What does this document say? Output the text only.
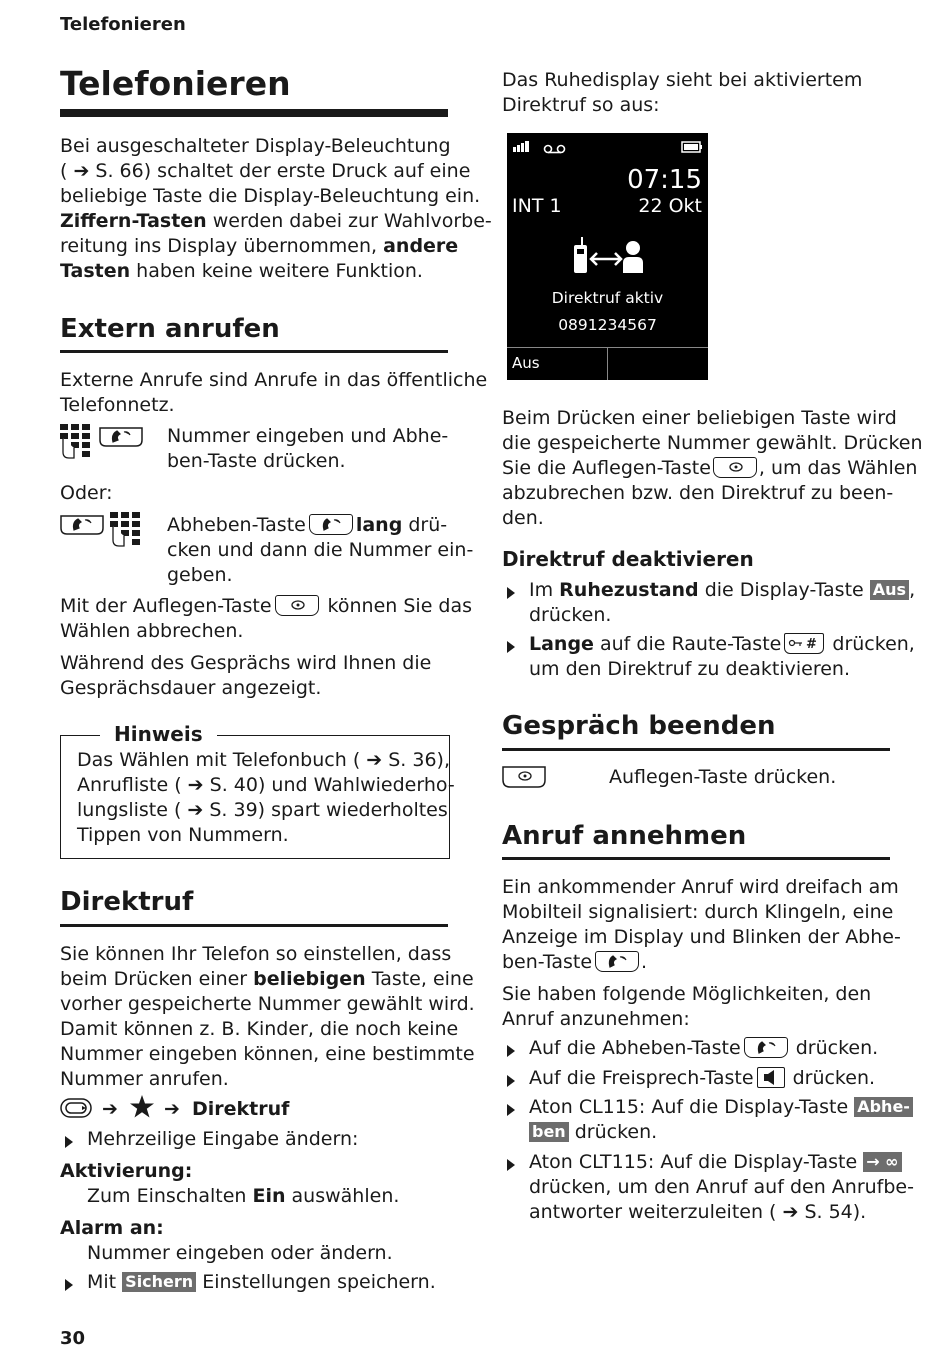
Telefonieren
Telefonieren
Bei ausgeschalteter Display-Beleuchtung
( ➔ S. 66) schaltet der erste Druck auf eine
beliebige Taste die Display-Beleuchtung ein.
Ziffern-Tasten werden dabei zur Wahlvorbe-
reitung ins Display übernommen, andere
Tasten haben keine weitere Funktion.
Extern anrufen
Externe Anrufe sind Anrufe in das öffentliche
Telefonnetz.
Nummer eingeben und Abhe-
ben-Taste drücken.
Oder:
Abheben-Taste	lang drü-
cken und dann die Nummer ein-
geben.
Mit der Auflegen-Taste	können Sie das
Wählen abbrechen.
Während des Gesprächs wird Ihnen die
Gesprächsdauer angezeigt.
Hinweis
Das Wählen mit Telefonbuch ( ➔ S. 36),
Anrufliste ( ➔ S. 40) und Wahlwiederho-
lungsliste ( ➔ S. 39) spart wiederholtes
Tippen von Nummern.
Direktruf
Sie können Ihr Telefon so einstellen, dass
beim Drücken einer beliebigen Taste, eine
vorher gespeicherte Nummer gewählt wird.
Damit können z. B. Kinder, die noch keine
Nummer eingeben können, eine bestimmte
Nummer anrufen.
➔ ➔ Direktruf
Mehrzeilige Eingabe ändern:
Aktivierung:
Zum Einschalten Ein auswählen.
Alarm an:
Nummer eingeben oder ändern.
Mit Sichern Einstellungen speichern.
30
Das Ruhedisplay sieht bei aktiviertem
Direktruf so aus:
07:15
INT 1	22 Okt
Direktruf aktiv
0891234567
Aus
Beim Drücken einer beliebigen Taste wird
die gespeicherte Nummer gewählt. Drücken
Sie die Auflegen-Taste	, um das Wählen
abzubrechen bzw. den Direktruf zu been-
den.
Direktruf deaktivieren
Im Ruhezustand die Display-Taste Aus ,
drücken.
Lange auf die Raute-Taste # drücken,
um den Direktruf zu deaktivieren.
Gespräch beenden
Auflegen-Taste drücken.
Anruf annehmen
Ein ankommender Anruf wird dreifach am
Mobilteil signalisiert: durch Klingeln, eine
Anzeige im Display und Blinken der Abhe-
ben-Taste	.
Sie haben folgende Möglichkeiten, den
Anruf anzunehmen:
Auf die Abheben-Taste	drücken.
Auf die Freisprech-Taste
drücken.
Aton CL115: Auf die Display-Taste Abhe-
ben drücken.
Aton CLT115: Auf die Display-Taste → ∞
drücken, um den Anruf auf den Anrufbe-
antworter weiterzuleiten ( ➔ S. 54).
